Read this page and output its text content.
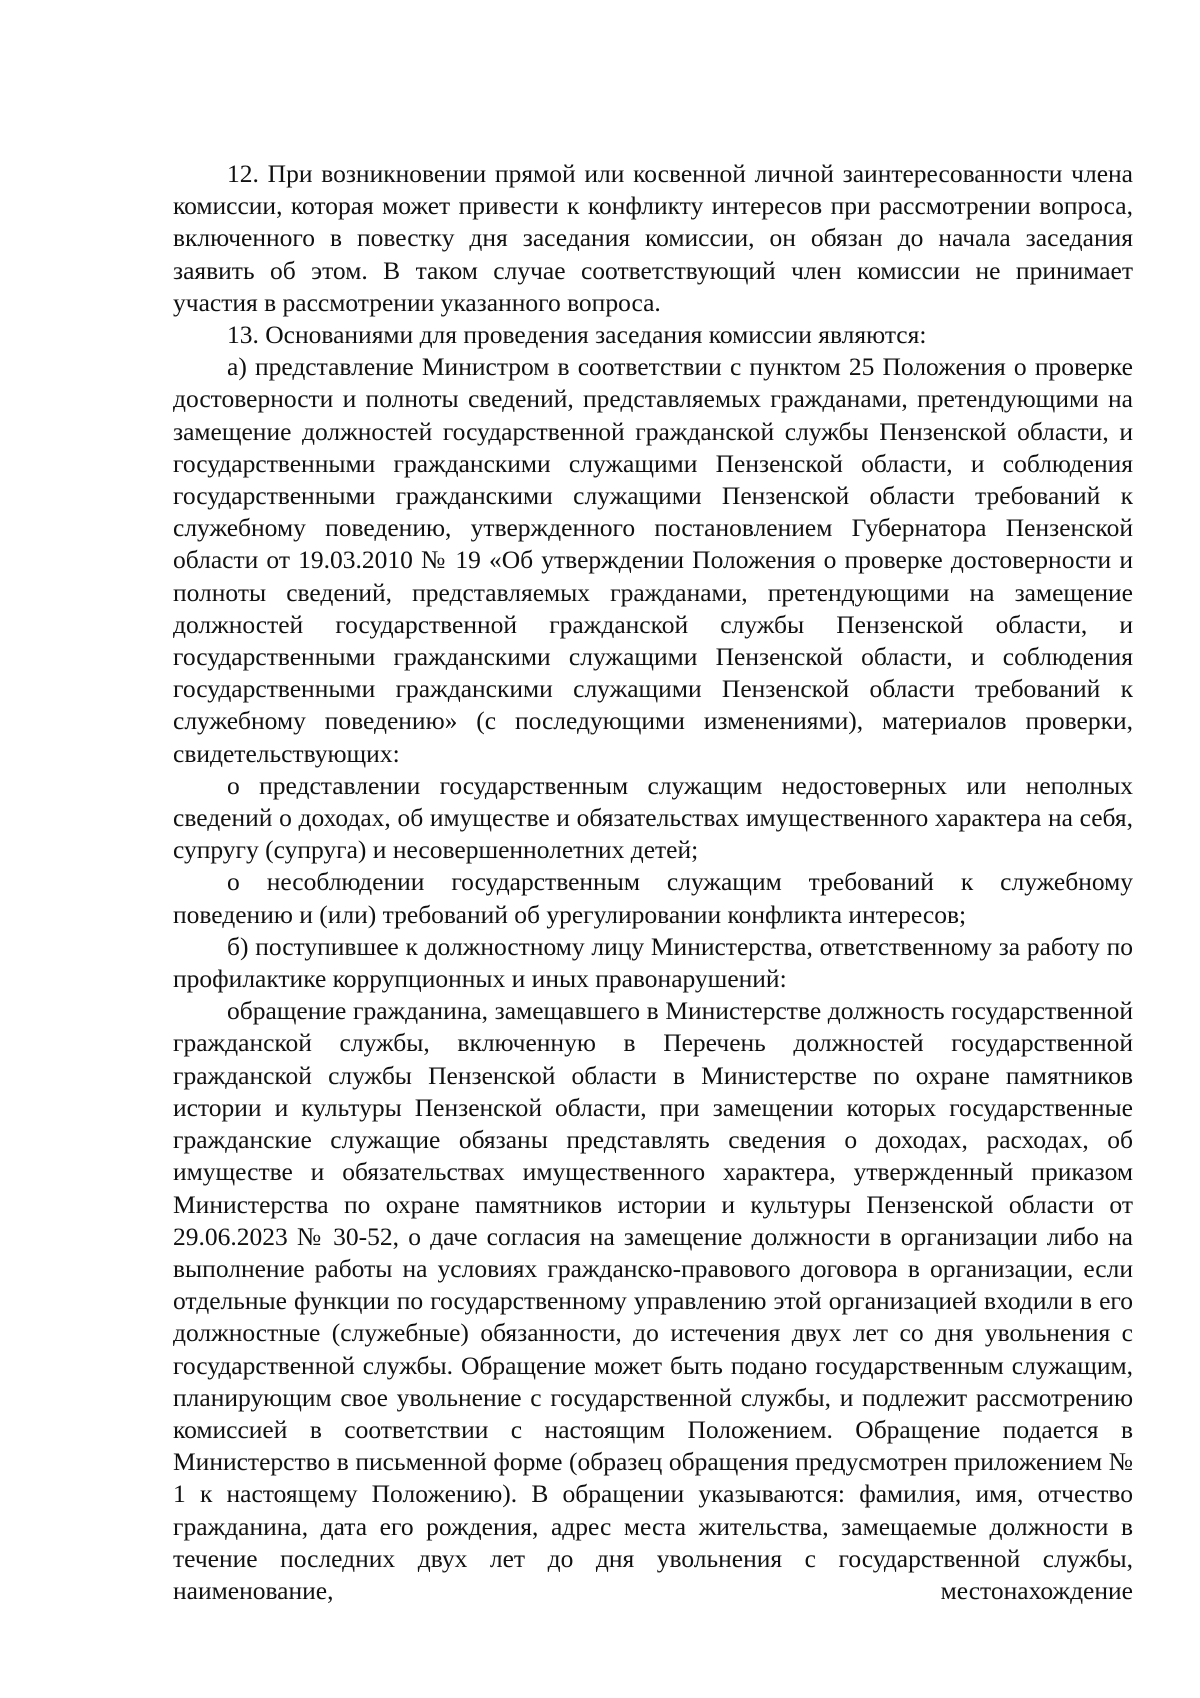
12. При возникновении прямой или косвенной личной заинтересованности члена комиссии, которая может привести к конфликту интересов при рассмотрении вопроса, включенного в повестку дня заседания комиссии, он обязан до начала заседания заявить об этом. В таком случае соответствующий член комиссии не принимает участия в рассмотрении указанного вопроса.

13. Основаниями для проведения заседания комиссии являются:

а) представление Министром в соответствии с пунктом 25 Положения о проверке достоверности и полноты сведений, представляемых гражданами, претендующими на замещение должностей государственной гражданской службы Пензенской области, и государственными гражданскими служащими Пензенской области, и соблюдения государственными гражданскими служащими Пензенской области требований к служебному поведению, утвержденного постановлением Губернатора Пензенской области от 19.03.2010 № 19 «Об утверждении Положения о проверке достоверности и полноты сведений, представляемых гражданами, претендующими на замещение должностей государственной гражданской службы Пензенской области, и государственными гражданскими служащими Пензенской области, и соблюдения государственными гражданскими служащими Пензенской области требований к служебному поведению» (с последующими изменениями), материалов проверки, свидетельствующих:

о представлении государственным служащим недостоверных или неполных сведений о доходах, об имуществе и обязательствах имущественного характера на себя, супругу (супруга) и несовершеннолетних детей;

о несоблюдении государственным служащим требований к служебному поведению и (или) требований об урегулировании конфликта интересов;

б) поступившее к должностному лицу Министерства, ответственному за работу по профилактике коррупционных и иных правонарушений:

обращение гражданина, замещавшего в Министерстве должность государственной гражданской службы, включенную в Перечень должностей государственной гражданской службы Пензенской области в Министерстве по охране памятников истории и культуры Пензенской области, при замещении которых государственные гражданские служащие обязаны представлять сведения о доходах, расходах, об имуществе и обязательствах имущественного характера, утвержденный приказом Министерства по охране памятников истории и культуры Пензенской области от 29.06.2023 № 30-52, о даче согласия на замещение должности в организации либо на выполнение работы на условиях гражданско-правового договора в организации, если отдельные функции по государственному управлению этой организацией входили в его должностные (служебные) обязанности, до истечения двух лет со дня увольнения с государственной службы. Обращение может быть подано государственным служащим, планирующим свое увольнение с государственной службы, и подлежит рассмотрению комиссией в соответствии с настоящим Положением. Обращение подается в Министерство в письменной форме (образец обращения предусмотрен приложением № 1 к настоящему Положению). В обращении указываются: фамилия, имя, отчество гражданина, дата его рождения, адрес места жительства, замещаемые должности в течение последних двух лет до дня увольнения с государственной службы, наименование, местонахождение
